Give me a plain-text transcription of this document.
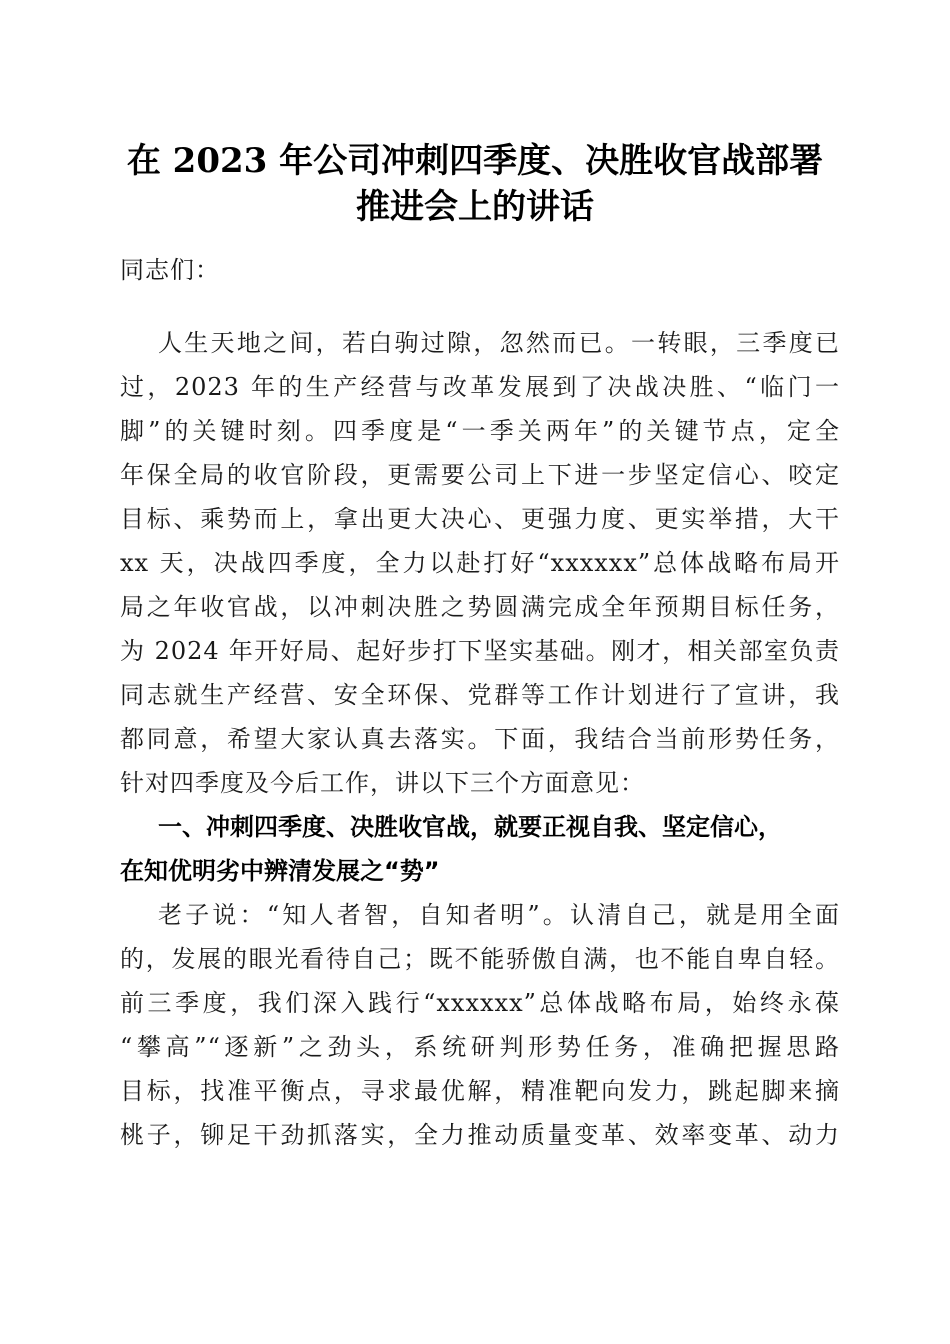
在 2023 年公司冲刺四季度、决胜收官战部署
推进会上的讲话
同志们：
人生天地之间，若白驹过隙，忽然而已。一转眼，三季度已
过，2023 年的生产经营与改革发展到了决战决胜、“临门一
脚”的关键时刻。四季度是“一季关两年”的关键节点，定全
年保全局的收官阶段，更需要公司上下进一步坚定信心、咬定
目标、乘势而上，拿出更大决心、更强力度、更实举措，大干
xx 天，决战四季度，全力以赴打好“xxxxxx”总体战略布局开
局之年收官战，以冲刺决胜之势圆满完成全年预期目标任务，
为 2024 年开好局、起好步打下坚实基础。刚才，相关部室负责
同志就生产经营、安全环保、党群等工作计划进行了宣讲，我
都同意，希望大家认真去落实。下面，我结合当前形势任务，
针对四季度及今后工作，讲以下三个方面意见：
一、冲刺四季度、决胜收官战，就要正视自我、坚定信心，
在知优明劣中辨清发展之“势”
老子说：“知人者智，自知者明”。认清自己，就是用全面
的，发展的眼光看待自己；既不能骄傲自满，也不能自卑自轻。
前三季度，我们深入践行“xxxxxx”总体战略布局，始终永葆
“攀高”“逐新”之劲头，系统研判形势任务，准确把握思路
目标，找准平衡点，寻求最优解，精准靶向发力，跳起脚来摘
桃子，铆足干劲抓落实，全力推动质量变革、效率变革、动力
